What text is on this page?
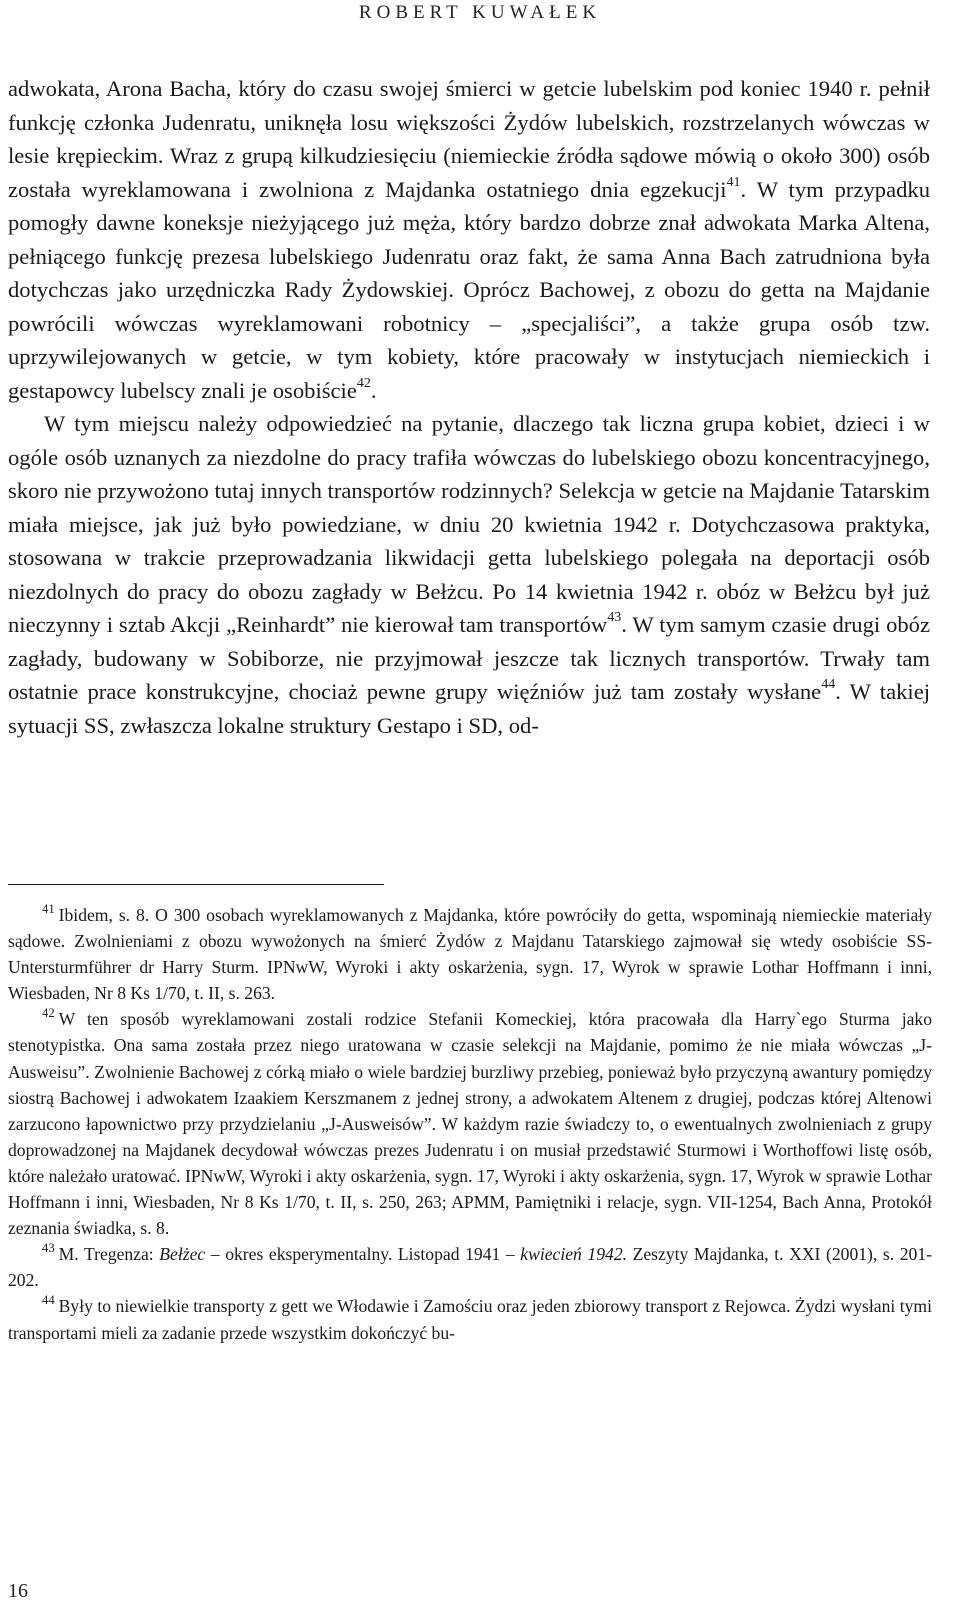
ROBERT KUWAŁEK

adwokata, Arona Bacha, który do czasu swojej śmierci w getcie lubelskim pod koniec 1940 r. pełnił funkcję członka Judenratu, uniknęła losu większości Żydów lubelskich, rozstrzelanych wówczas w lesie krępieckim. Wraz z grupą kilkudziesięciu (niemieckie źródła sądowe mówią o około 300) osób została wyreklamowana i zwolniona z Majdanka ostatniego dnia egzekucji$^{41}$. W tym przypadku pomogły dawne koneksje nieżyjącego już męża, który bardzo dobrze znał adwokata Marka Altena, pełniącego funkcję prezesa lubelskiego Judenratu oraz fakt, że sama Anna Bach zatrudniona była dotychczas jako urzędniczka Rady Żydowskiej. Oprócz Bachowej, z obozu do getta na Majdanie powrócili wówczas wyreklamowani robotnicy – „specjaliści”, a także grupa osób tzw. uprzywilejowanych w getcie, w tym kobiety, które pracowały w instytucjach niemieckich i gestapowcy lubelscy znali je osobiście$^{42}$.

W tym miejscu należy odpowiedzieć na pytanie, dlaczego tak liczna grupa kobiet, dzieci i w ogóle osób uznanych za niezdolne do pracy trafiła wówczas do lubelskiego obozu koncentracyjnego, skoro nie przywożono tutaj innych transportów rodzinnych? Selekcja w getcie na Majdanie Tatarskim miała miejsce, jak już było powiedziane, w dniu 20 kwietnia 1942 r. Dotychczasowa praktyka, stosowana w trakcie przeprowadzania likwidacji getta lubelskiego polegała na deportacji osób niezdolnych do pracy do obozu zagłady w Bełżcu. Po 14 kwietnia 1942 r. obóz w Bełżcu był już nieczynny i sztab Akcji „Reinhardt” nie kierował tam transportów$^{43}$. W tym samym czasie drugi obóz zagłady, budowany w Sobiborze, nie przyjmował jeszcze tak licznych transportów. Trwały tam ostatnie prace konstrukcyjne, chociaż pewne grupy więźniów już tam zostały wysłane$^{44}$. W takiej sytuacji SS, zwłaszcza lokalne struktury Gestapo i SD, od-

$^{41}$ Ibidem, s. 8. O 300 osobach wyreklamowanych z Majdanka, które powróciły do getta, wspominają niemieckie materiały sądowe. Zwolnieniami z obozu wywożonych na śmierć Żydów z Majdanu Tatarskiego zajmował się wtedy osobiście SS-Untersturmführer dr Harry Sturm. IPNwW, Wyroki i akty oskarżenia, sygn. 17, Wyrok w sprawie Lothar Hoffmann i inni, Wiesbaden, Nr 8 Ks 1/70, t. II, s. 263.

$^{42}$ W ten sposób wyreklamowani zostali rodzice Stefanii Komeckiej, która pracowała dla Harry`ego Sturma jako stenotypistka. Ona sama została przez niego uratowana w czasie selekcji na Majdanie, pomimo że nie miała wówczas „J-Ausweisu”. Zwolnienie Bachowej z córką miało o wiele bardziej burzliwy przebieg, ponieważ było przyczyną awantury pomiędzy siostrą Bachowej i adwokatem Izaakiem Kerszmanem z jednej strony, a adwokatem Altenem z drugiej, podczas której Altenowi zarzucono łapownictwo przy przydzielaniu „J-Ausweisów”. W każdym razie świadczy to, o ewentualnych zwolnieniach z grupy doprowadzonej na Majdanek decydował wówczas prezes Judenratu i on musiał przedstawić Sturmowi i Worthoffowi listę osób, które należało uratować. IPNwW, Wyroki i akty oskarżenia, sygn. 17, Wyroki i akty oskarżenia, sygn. 17, Wyrok w sprawie Lothar Hoffmann i inni, Wiesbaden, Nr 8 Ks 1/70, t. II, s. 250, 263; APMM, Pamiętniki i relacje, sygn. VII-1254, Bach Anna, Protokół zeznania świadka, s. 8.

$^{43}$ M. Tregenza: Bełżec – okres eksperymentalny. Listopad 1941 – kwiecień 1942. Zeszyty Majdanka, t. XXI (2001), s. 201-202.

$^{44}$ Były to niewielkie transporty z gett we Włodawie i Zamościu oraz jeden zbiorowy transport z Rejowca. Żydzi wysłani tymi transportami mieli za zadanie przede wszystkim dokończyć bu-

16
